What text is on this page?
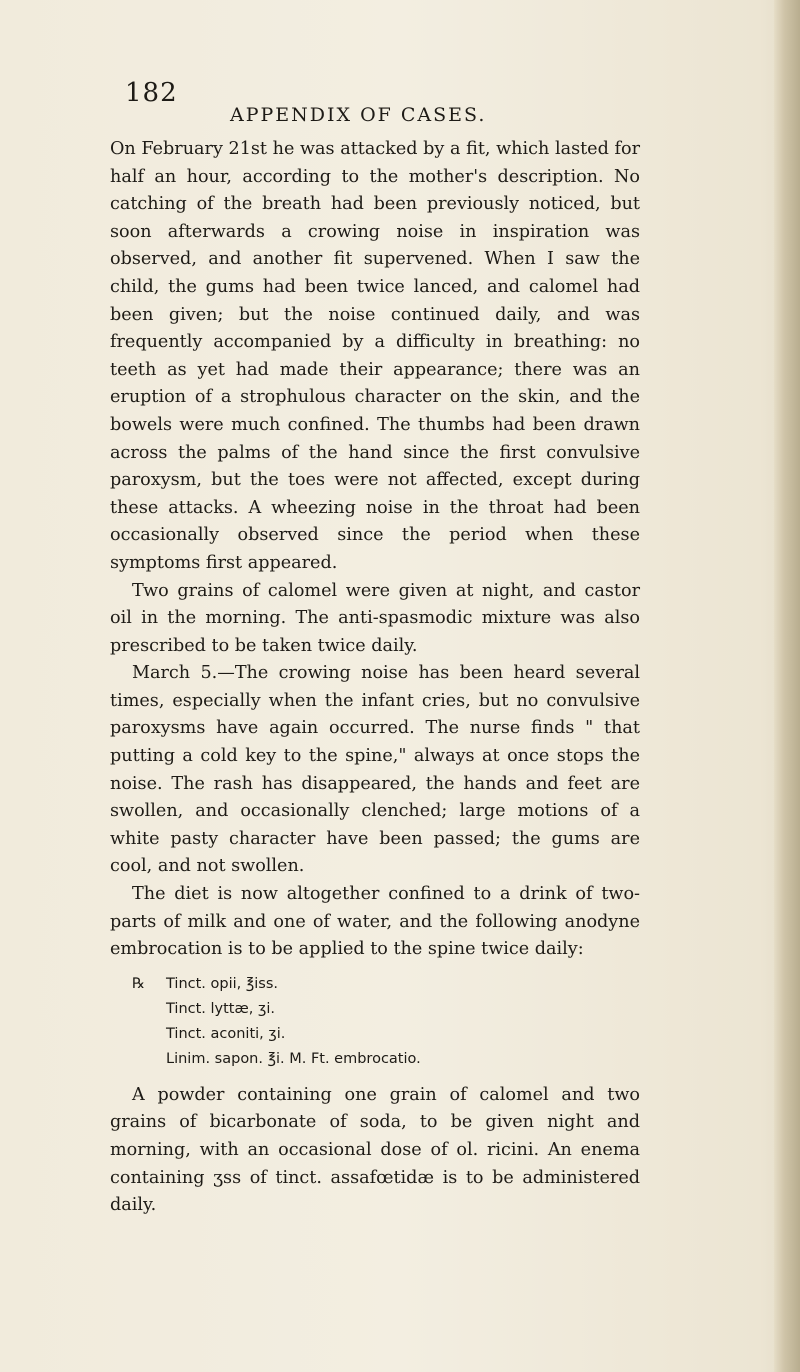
182
APPENDIX OF CASES.

On February 21st he was attacked by a fit, which lasted for half an hour, according to the mother's description. No catching of the breath had been previously noticed, but soon afterwards a crowing noise in inspiration was observed, and another fit supervened. When I saw the child, the gums had been twice lanced, and calomel had been given; but the noise continued daily, and was frequently accompanied by a difficulty in breathing: no teeth as yet had made their appearance; there was an eruption of a strophulous character on the skin, and the bowels were much confined. The thumbs had been drawn across the palms of the hand since the first convulsive paroxysm, but the toes were not affected, except during these attacks. A wheezing noise in the throat had been occasionally observed since the period when these symptoms first appeared.

Two grains of calomel were given at night, and castor oil in the morning. The anti-spasmodic mixture was also prescribed to be taken twice daily.

March 5.—The crowing noise has been heard several times, especially when the infant cries, but no convulsive paroxysms have again occurred. The nurse finds " that putting a cold key to the spine," always at once stops the noise. The rash has disappeared, the hands and feet are swollen, and occasionally clenched; large motions of a white pasty character have been passed; the gums are cool, and not swollen.

The diet is now altogether confined to a drink of two-parts of milk and one of water, and the following anodyne embrocation is to be applied to the spine twice daily:

℞ Tinct. opii, ℥iss.
Tinct. lyttæ, ʒi.
Tinct. aconiti, ʒi.
Linim. sapon. ℥i. M. Ft. embrocatio.

A powder containing one grain of calomel and two grains of bicarbonate of soda, to be given night and morning, with an occasional dose of ol. ricini. An enema containing ʒss of tinct. assafœtidæ is to be administered daily.
